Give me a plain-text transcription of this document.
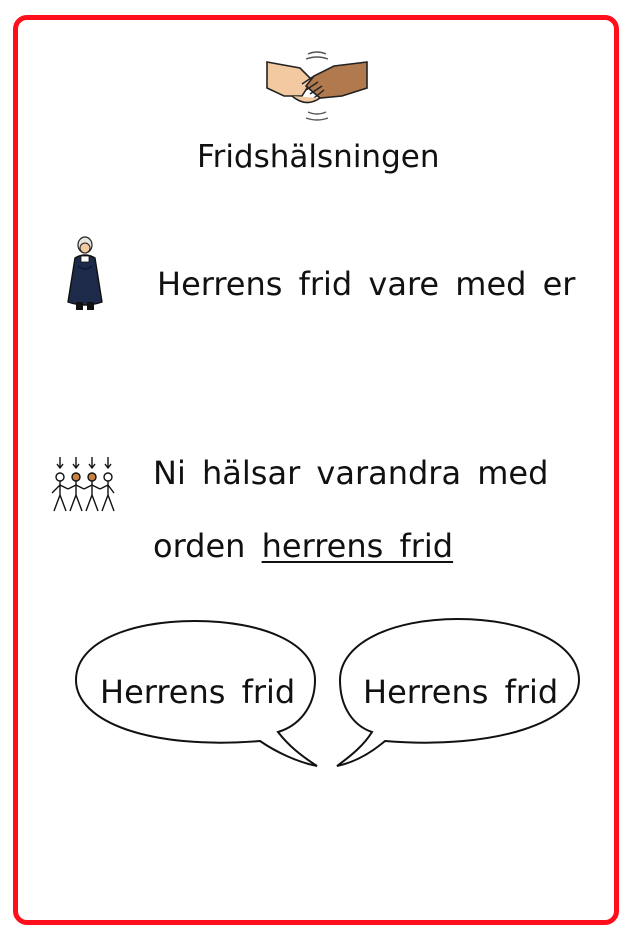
Fridshälsningen
Herrens frid vare med er
Ni hälsar varandra med
orden herrens frid
Herrens frid Herrens frid
